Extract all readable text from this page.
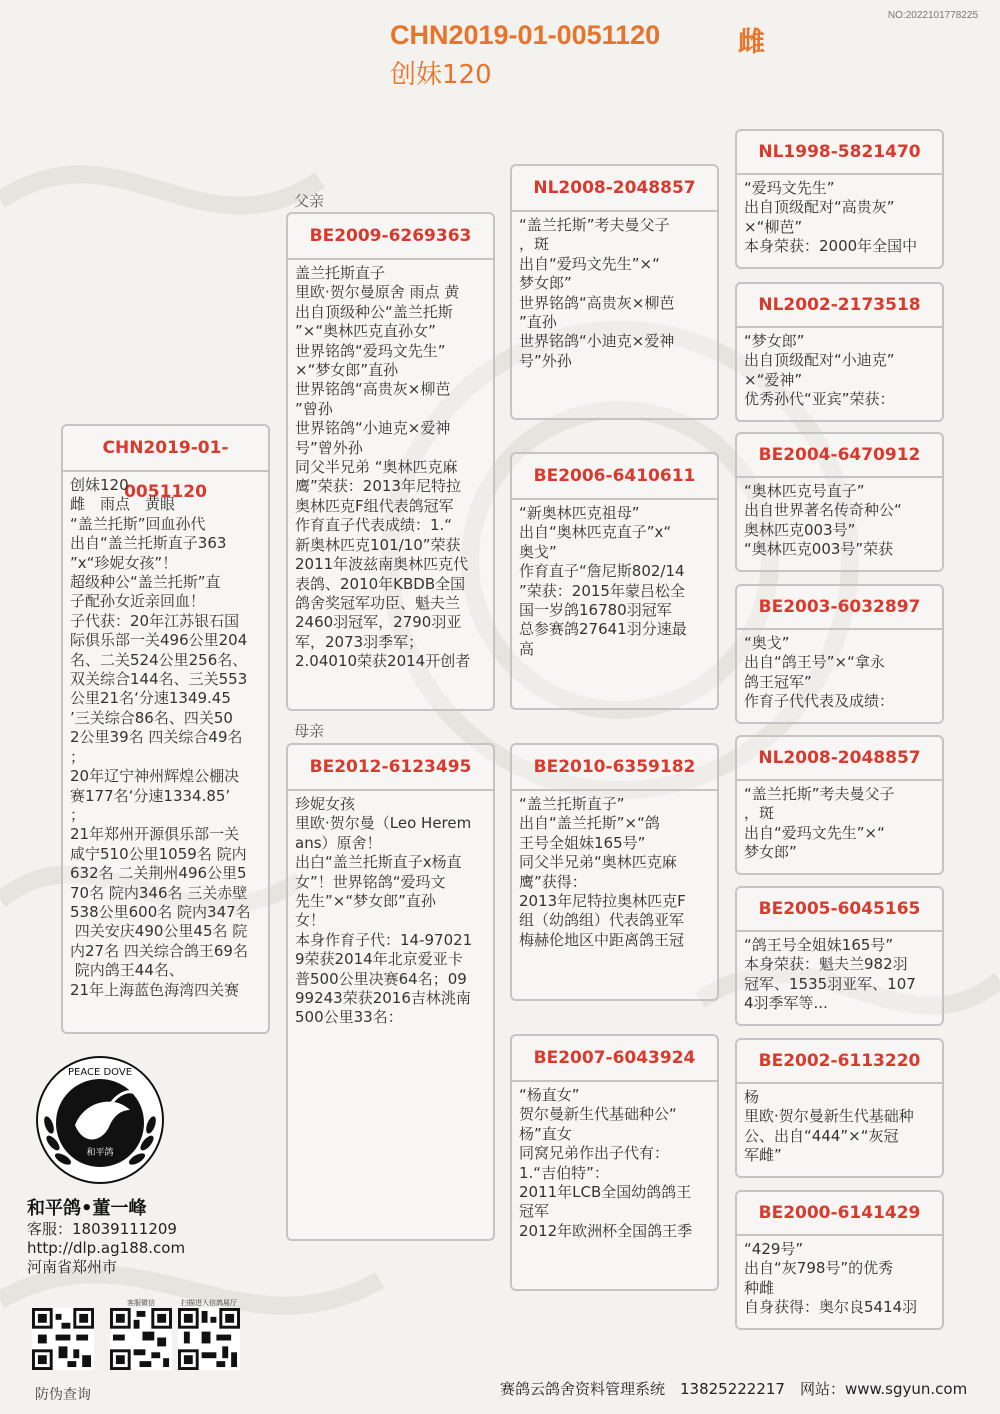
NO:2022101778225
CHN2019-01-0051120	雌
创妹120
父亲
母亲
CHN2019-01-0051120
创妹120
雌　雨点　黄眼
“盖兰托斯”回血孙代
出自“盖兰托斯直子363
”x“珍妮女孩”！
超级种公“盖兰托斯”直
子配孙女近亲回血！
子代获：20年江苏银石国
际俱乐部一关496公里204
名、二关524公里256名、
双关综合144名、三关553
公里21名‘分速1349.45
’三关综合86名、四关50
2公里39名 四关综合49名
；
20年辽宁神州辉煌公棚决
赛177名‘分速1334.85’
；
21年郑州开源俱乐部一关
咸宁510公里1059名 院内
632名 二关荆州496公里5
70名 院内346名 三关赤壁
538公里600名 院内347名
四关安庆490公里45名 院
内27名 四关综合鸽王69名
院内鸽王44名、
21年上海蓝色海湾四关赛
BE2009-6269363
盖兰托斯直子
里欧·贺尔曼原舍 雨点 黄
出自顶级种公“盖兰托斯
”×“奥林匹克直孙女”
世界铭鸽“爱玛文先生”
×“梦女郎”直孙
世界铭鸽“高贵灰×柳芭
”曾孙
世界铭鸽“小迪克×爱神
号”曾外孙
同父半兄弟 “奥林匹克麻
鹰”荣获：2013年尼特拉
奥林匹克F组代表鸽冠军
作育直子代表成绩：1.“
新奥林匹克101/10”荣获
2011年波兹南奥林匹克代
表鸽、2010年KBDB全国
鸽舍奖冠军功臣、魁夫兰
2460羽冠军，2790羽亚
军，2073羽季军；
2.04010荣获2014开创者
BE2012-6123495
珍妮女孩
里欧·贺尔曼（Leo Herem
ans）原舍！
出白“盖兰托斯直子x杨直
女”！世界铭鸽“爱玛文
先生”×“梦女郎”直孙
女！
本身作育子代：14-97021
9荣获2014年北京爱亚卡
普500公里决赛64名；09
99243荣获2016吉林洮南
500公里33名：
NL2008-2048857
“盖兰托斯”考夫曼父子
，斑
出自“爱玛文先生”×“
梦女郎”
世界铭鸽“高贵灰×柳芭
”直孙
世界铭鸽“小迪克×爱神
号”外孙
BE2006-6410611
“新奥林匹克祖母”
出自“奥林匹克直子”x“
奥戈”
作育直子“詹尼斯802/14
”荣获：2015年蒙吕松全
国一岁鸽16780羽冠军
总参赛鸽27641羽分速最
高
BE2010-6359182
“盖兰托斯直子”
出自“盖兰托斯”×“鸽
王号全姐妹165号”
同父半兄弟“奥林匹克麻
鹰”获得：
2013年尼特拉奥林匹克F
组（幼鸽组）代表鸽亚军
梅赫伦地区中距离鸽王冠
BE2007-6043924
“杨直女”
贺尔曼新生代基础种公“
杨”直女
同窝兄弟作出子代有：
1.“吉伯特”：
2011年LCB全国幼鸽鸽王
冠军
2012年欧洲杯全国鸽王季
NL1998-5821470
“爱玛文先生”
出自顶级配对“高贵灰”
×“柳芭”
本身荣获：2000年全国中
NL2002-2173518
“梦女郎”
出自顶级配对“小迪克”
×“爱神”
优秀孙代“亚宾”荣获：
BE2004-6470912
“奥林匹克号直子”
出自世界著名传奇种公“
奥林匹克003号”
“奥林匹克003号”荣获
BE2003-6032897
“奥戈”
出自“鸽王号”×“拿永
鸽王冠军”
作育子代代表及成绩：
NL2008-2048857
“盖兰托斯”考夫曼父子
，斑
出自“爱玛文先生”×“
梦女郎”
BE2005-6045165
“鸽王号全姐妹165号”
本身荣获：魁夫兰982羽
冠军、1535羽亚军、107
4羽季军等...
BE2002-6113220
杨
里欧·贺尔曼新生代基础种
公、出自“444”×“灰冠
军雌”
BE2000-6141429
“429号”
出自“灰798号”的优秀
种雌
自身获得：奥尔良5414羽
PEACE DOVE
和平鸽
和平鸽•董一峰
客服：18039111209
http://dlp.ag188.com
河南省郑州市
客服微信	扫描进入信鸽展厅
防伪查询	赛鸽云鸽舍资料管理系统　13825222217　网站：www.sgyun.com
